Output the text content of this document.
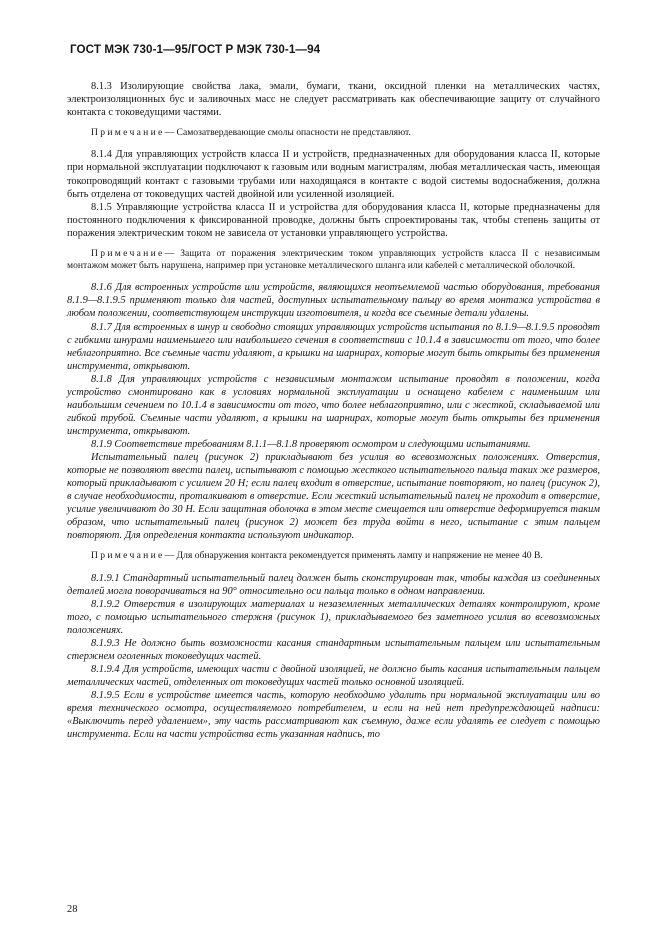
ГОСТ МЭК 730-1—95/ГОСТ Р МЭК 730-1—94

8.1.3 Изолирующие свойства лака, эмали, бумаги, ткани, оксидной пленки на металлических частях, электроизоляционных бус и заливочных масс не следует рассматривать как обеспечивающие защиту от случайного контакта с токоведущими частями.

Примечание— Самозатвердевающие смолы опасности не представляют.

8.1.4 Для управляющих устройств класса II и устройств, предназначенных для оборудования класса II, которые при нормальной эксплуатации подключают к газовым или водным магистралям, любая металлическая часть, имеющая токопроводящий контакт с газовыми трубами или находящаяся в контакте с водой системы водоснабжения, должна быть отделена от токоведущих частей двойной или усиленной изоляцией.

8.1.5 Управляющие устройства класса II и устройства для оборудования класса II, которые предназначены для постоянного подключения к фиксированной проводке, должны быть спроектированы так, чтобы степень защиты от поражения электрическим током не зависела от установки управляющего устройства.

Примечание— Защита от поражения электрическим током управляющих устройств класса II с независимым монтажом может быть нарушена, например при установке металлического шланга или кабелей с металлической оболочкой.

8.1.6 Для встроенных устройств или устройств, являющихся неотъемлемой частью оборудования, требования 8.1.9—8.1.9.5 применяют только для частей, доступных испытательному пальцу во время монтажа устройства в любом положении, соответствующем инструкции изготовителя, и когда все съемные детали удалены.

8.1.7 Для встроенных в шнур и свободно стоящих управляющих устройств испытания по 8.1.9—8.1.9.5 проводят с гибкими шнурами наименьшего или наибольшего сечения в соответствии с 10.1.4 в зависимости от того, что более неблагоприятно. Все съемные части удаляют, а крышки на шарнирах, которые могут быть открыты без применения инструмента, открывают.

8.1.8 Для управляющих устройств с независимым монтажом испытание проводят в положении, когда устройство смонтировано как в условиях нормальной эксплуатации и оснащено кабелем с наименьшим или наибольшим сечением по 10.1.4 в зависимости от того, что более неблагоприятно, или с жесткой, складываемой или гибкой трубой. Съемные части удаляют, а крышки на шарнирах, которые могут быть открыты без применения инструмента, открывают.

8.1.9 Соответствие требованиям 8.1.1—8.1.8 проверяют осмотром и следующими испытаниями.

Испытательный палец (рисунок 2) прикладывают без усилия во всевозможных положениях. Отверстия, которые не позволяют ввести палец, испытывают с помощью жесткого испытательного пальца таких же размеров, который прикладывают с усилием 20 Н; если палец входит в отверстие, испытание повторяют, но палец (рисунок 2), в случае необходимости, проталкивают в отверстие. Если жесткий испытательный палец не проходит в отверстие, усилие увеличивают до 30 Н. Если защитная оболочка в этом месте смещается или отверстие деформируется таким образом, что испытательный палец (рисунок 2) может без труда войти в него, испытание с этим пальцем повторяют. Для определения контакта используют индикатор.

Примечание— Для обнаружения контакта рекомендуется применять лампу и напряжение не менее 40 В.

8.1.9.1 Стандартный испытательный палец должен быть сконструирован так, чтобы каждая из соединенных деталей могла поворачиваться на 90° относительно оси пальца только в одном направлении.

8.1.9.2 Отверстия в изолирующих материалах и незаземленных металлических деталях контролируют, кроме того, с помощью испытательного стержня (рисунок 1), прикладываемого без заметного усилия во всевозможных положениях.

8.1.9.3 Не должно быть возможности касания стандартным испытательным пальцем или испытательным стержнем оголенных токоведущих частей.

8.1.9.4 Для устройств, имеющих части с двойной изоляцией, не должно быть касания испытательным пальцем металлических частей, отделенных от токоведущих частей только основной изоляцией.

8.1.9.5 Если в устройстве имеется часть, которую необходимо удалить при нормальной эксплуатации или во время технического осмотра, осуществляемого потребителем, и если на ней нет предупреждающей надписи: «Выключить перед удалением», эту часть рассматривают как съемную, даже если удалять ее следует с помощью инструмента. Если на части устройства есть указанная надпись, то

28
